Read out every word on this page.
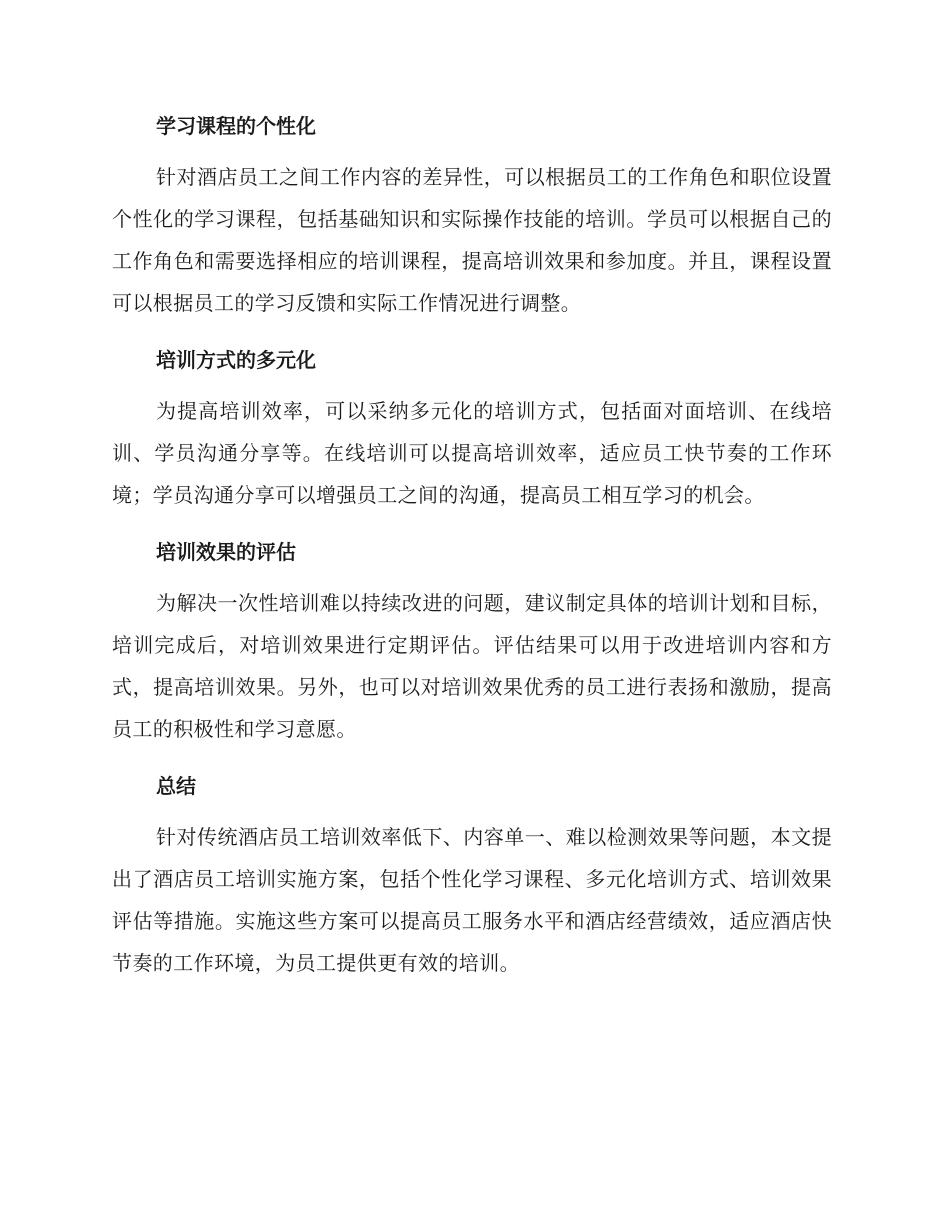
学习课程的个性化

针对酒店员工之间工作内容的差异性，可以根据员工的工作角色和职位设置个性化的学习课程，包括基础知识和实际操作技能的培训。学员可以根据自己的工作角色和需要选择相应的培训课程，提高培训效果和参加度。并且，课程设置可以根据员工的学习反馈和实际工作情况进行调整。

培训方式的多元化

为提高培训效率，可以采纳多元化的培训方式，包括面对面培训、在线培训、学员沟通分享等。在线培训可以提高培训效率，适应员工快节奏的工作环境；学员沟通分享可以增强员工之间的沟通，提高员工相互学习的机会。

培训效果的评估

为解决一次性培训难以持续改进的问题，建议制定具体的培训计划和目标，培训完成后，对培训效果进行定期评估。评估结果可以用于改进培训内容和方式，提高培训效果。另外，也可以对培训效果优秀的员工进行表扬和激励，提高员工的积极性和学习意愿。

总结

针对传统酒店员工培训效率低下、内容单一、难以检测效果等问题，本文提出了酒店员工培训实施方案，包括个性化学习课程、多元化培训方式、培训效果评估等措施。实施这些方案可以提高员工服务水平和酒店经营绩效，适应酒店快节奏的工作环境，为员工提供更有效的培训。
